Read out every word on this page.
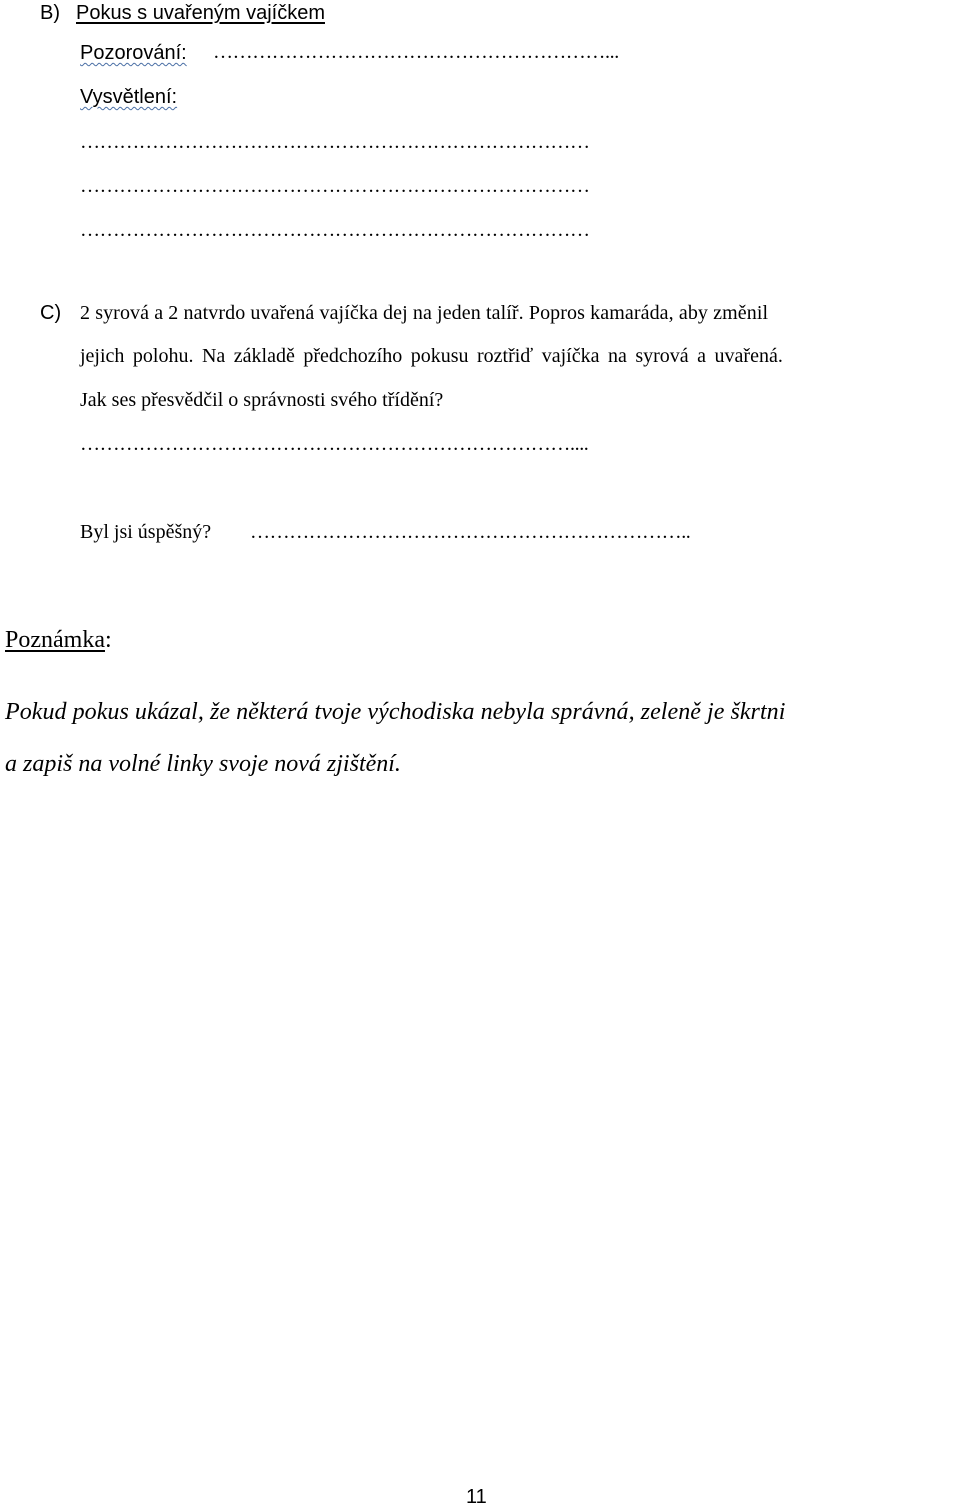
B) Pokus s uvařeným vajíčkem
Pozorování: ……………………………………………………...
Vysvětlení:
……………………………………………………………………
……………………………………………………………………
……………………………………………………………………
C) 2 syrová a 2 natvrdo uvařená vajíčka dej na jeden talíř. Popros kamaráda, aby změnil
jejich polohu. Na základě předchozího pokusu roztřiď vajíčka na syrová a uvařená.
Jak ses přesvědčil o správnosti svého třídění?
…………………………………………………………………....
Byl jsi úspěšný? …………………………………………………………..
Poznámka:
Pokud pokus ukázal, že některá tvoje východiska nebyla správná, zeleně je škrtni
a zapiš na volné linky svoje nová zjištění.
11
